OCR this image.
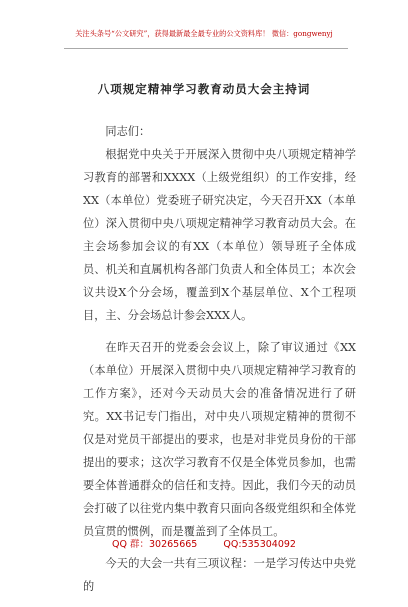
关注头条号“公文研究”，获得最新最全最专业的公文资料库！ 微信：gongwenyj
八项规定精神学习教育动员大会主持词

同志们：

根据党中央关于开展深入贯彻中央八项规定精神学习教育的部署和XXXX（上级党组织）的工作安排，经XX（本单位）党委班子研究决定，今天召开XX（本单位）深入贯彻中央八项规定精神学习教育动员大会。在主会场参加会议的有XX（本单位）领导班子全体成员、机关和直属机构各部门负责人和全体员工；本次会议共设X个分会场，覆盖到X个基层单位、X个工程项目，主、分会场总计参会XXX人。

在昨天召开的党委会会议上，除了审议通过《XX（本单位）开展深入贯彻中央八项规定精神学习教育的工作方案》，还对今天动员大会的准备情况进行了研究。XX书记专门指出，对中央八项规定精神的贯彻不仅是对党员干部提出的要求，也是对非党员身份的干部提出的要求；这次学习教育不仅是全体党员参加，也需要全体普通群众的信任和支持。因此，我们今天的动员会打破了以往党内集中教育只面向各级党组织和全体党员宣贯的惯例，而是覆盖到了全体员工。

今天的大会一共有三项议程：一是学习传达中央党的

QQ 群：30265665	QQ:535304092
